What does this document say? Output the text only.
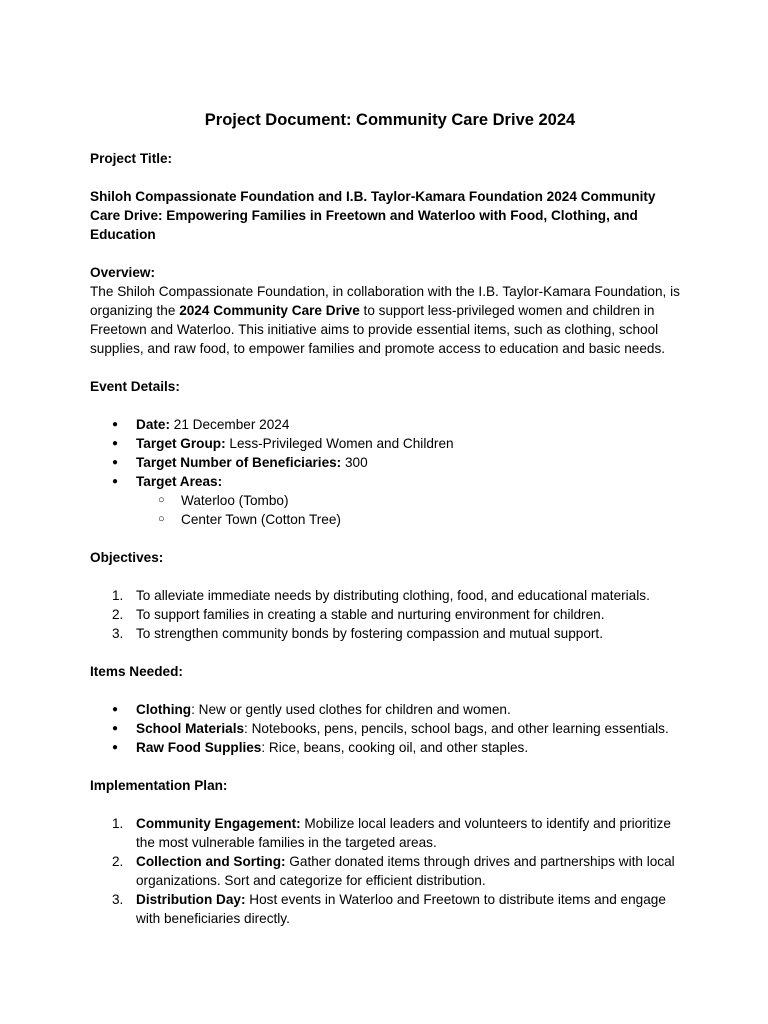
Project Document: Community Care Drive 2024

Project Title:

Shiloh Compassionate Foundation and I.B. Taylor-Kamara Foundation 2024 Community Care Drive: Empowering Families in Freetown and Waterloo with Food, Clothing, and Education

Overview:

The Shiloh Compassionate Foundation, in collaboration with the I.B. Taylor-Kamara Foundation, is organizing the 2024 Community Care Drive to support less-privileged women and children in Freetown and Waterloo. This initiative aims to provide essential items, such as clothing, school supplies, and raw food, to empower families and promote access to education and basic needs.

Event Details:

● Date: 21 December 2024
● Target Group: Less-Privileged Women and Children
● Target Number of Beneficiaries: 300
● Target Areas:
○ Waterloo (Tombo)
○ Center Town (Cotton Tree)

Objectives:

1. To alleviate immediate needs by distributing clothing, food, and educational materials.
2. To support families in creating a stable and nurturing environment for children.
3. To strengthen community bonds by fostering compassion and mutual support.

Items Needed:

● Clothing: New or gently used clothes for children and women.
● School Materials: Notebooks, pens, pencils, school bags, and other learning essentials.
● Raw Food Supplies: Rice, beans, cooking oil, and other staples.

Implementation Plan:

1. Community Engagement: Mobilize local leaders and volunteers to identify and prioritize the most vulnerable families in the targeted areas.
2. Collection and Sorting: Gather donated items through drives and partnerships with local organizations. Sort and categorize for efficient distribution.
3. Distribution Day: Host events in Waterloo and Freetown to distribute items and engage with beneficiaries directly.
